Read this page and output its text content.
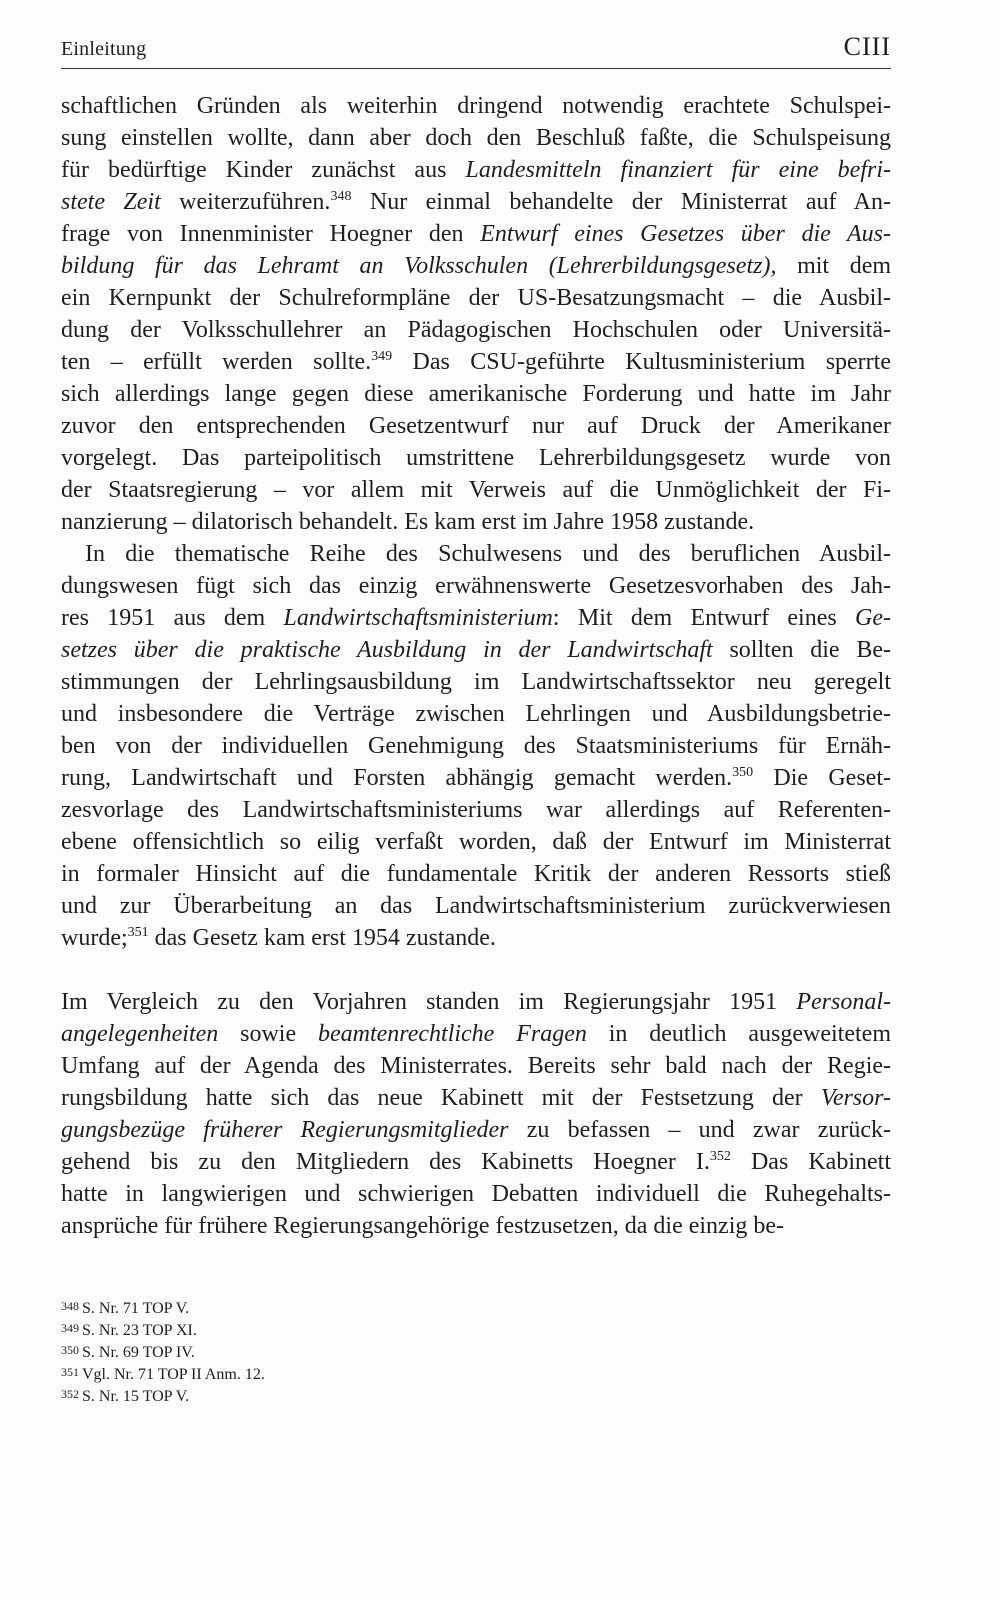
Einleitung	CIII
schaftlichen Gründen als weiterhin dringend notwendig erachtete Schulspei-
sung einstellen wollte, dann aber doch den Beschluß faßte, die Schulspeisung
für bedürftige Kinder zunächst aus Landesmitteln finanziert für eine befri-
stete Zeit weiterzuführen.$^{348}$ Nur einmal behandelte der Ministerrat auf An-
frage von Innenminister Hoegner den Entwurf eines Gesetzes über die Aus-
bildung für das Lehramt an Volksschulen (Lehrerbildungsgesetz), mit dem
ein Kernpunkt der Schulreformpläne der US-Besatzungsmacht – die Ausbil-
dung der Volksschullehrer an Pädagogischen Hochschulen oder Universitä-
ten – erfüllt werden sollte.$^{349}$ Das CSU-geführte Kultusministerium sperrte
sich allerdings lange gegen diese amerikanische Forderung und hatte im Jahr
zuvor den entsprechenden Gesetzentwurf nur auf Druck der Amerikaner
vorgelegt. Das parteipolitisch umstrittene Lehrerbildungsgesetz wurde von
der Staatsregierung – vor allem mit Verweis auf die Unmöglichkeit der Fi-
nanzierung – dilatorisch behandelt. Es kam erst im Jahre 1958 zustande.
In die thematische Reihe des Schulwesens und des beruflichen Ausbil-
dungswesen fügt sich das einzig erwähnenswerte Gesetzesvorhaben des Jah-
res 1951 aus dem Landwirtschaftsministerium: Mit dem Entwurf eines Ge-
setzes über die praktische Ausbildung in der Landwirtschaft sollten die Be-
stimmungen der Lehrlingsausbildung im Landwirtschaftssektor neu geregelt
und insbesondere die Verträge zwischen Lehrlingen und Ausbildungsbetrie-
ben von der individuellen Genehmigung des Staatsministeriums für Ernäh-
rung, Landwirtschaft und Forsten abhängig gemacht werden.$^{350}$ Die Geset-
zesvorlage des Landwirtschaftsministeriums war allerdings auf Referenten-
ebene offensichtlich so eilig verfaßt worden, daß der Entwurf im Ministerrat
in formaler Hinsicht auf die fundamentale Kritik der anderen Ressorts stieß
und zur Überarbeitung an das Landwirtschaftsministerium zurückverwiesen
wurde;$^{351}$ das Gesetz kam erst 1954 zustande.
Im Vergleich zu den Vorjahren standen im Regierungsjahr 1951 Personal-
angelegenheiten sowie beamtenrechtliche Fragen in deutlich ausgeweitetem
Umfang auf der Agenda des Ministerrates. Bereits sehr bald nach der Regie-
rungsbildung hatte sich das neue Kabinett mit der Festsetzung der Versor-
gungsbezüge früherer Regierungsmitglieder zu befassen – und zwar zurück-
gehend bis zu den Mitgliedern des Kabinetts Hoegner I.$^{352}$ Das Kabinett
hatte in langwierigen und schwierigen Debatten individuell die Ruhegehalts-
ansprüche für frühere Regierungsangehörige festzusetzen, da die einzig be-
348 S. Nr. 71 TOP V.
349 S. Nr. 23 TOP XI.
350 S. Nr. 69 TOP IV.
351 Vgl. Nr. 71 TOP II Anm. 12.
352 S. Nr. 15 TOP V.
